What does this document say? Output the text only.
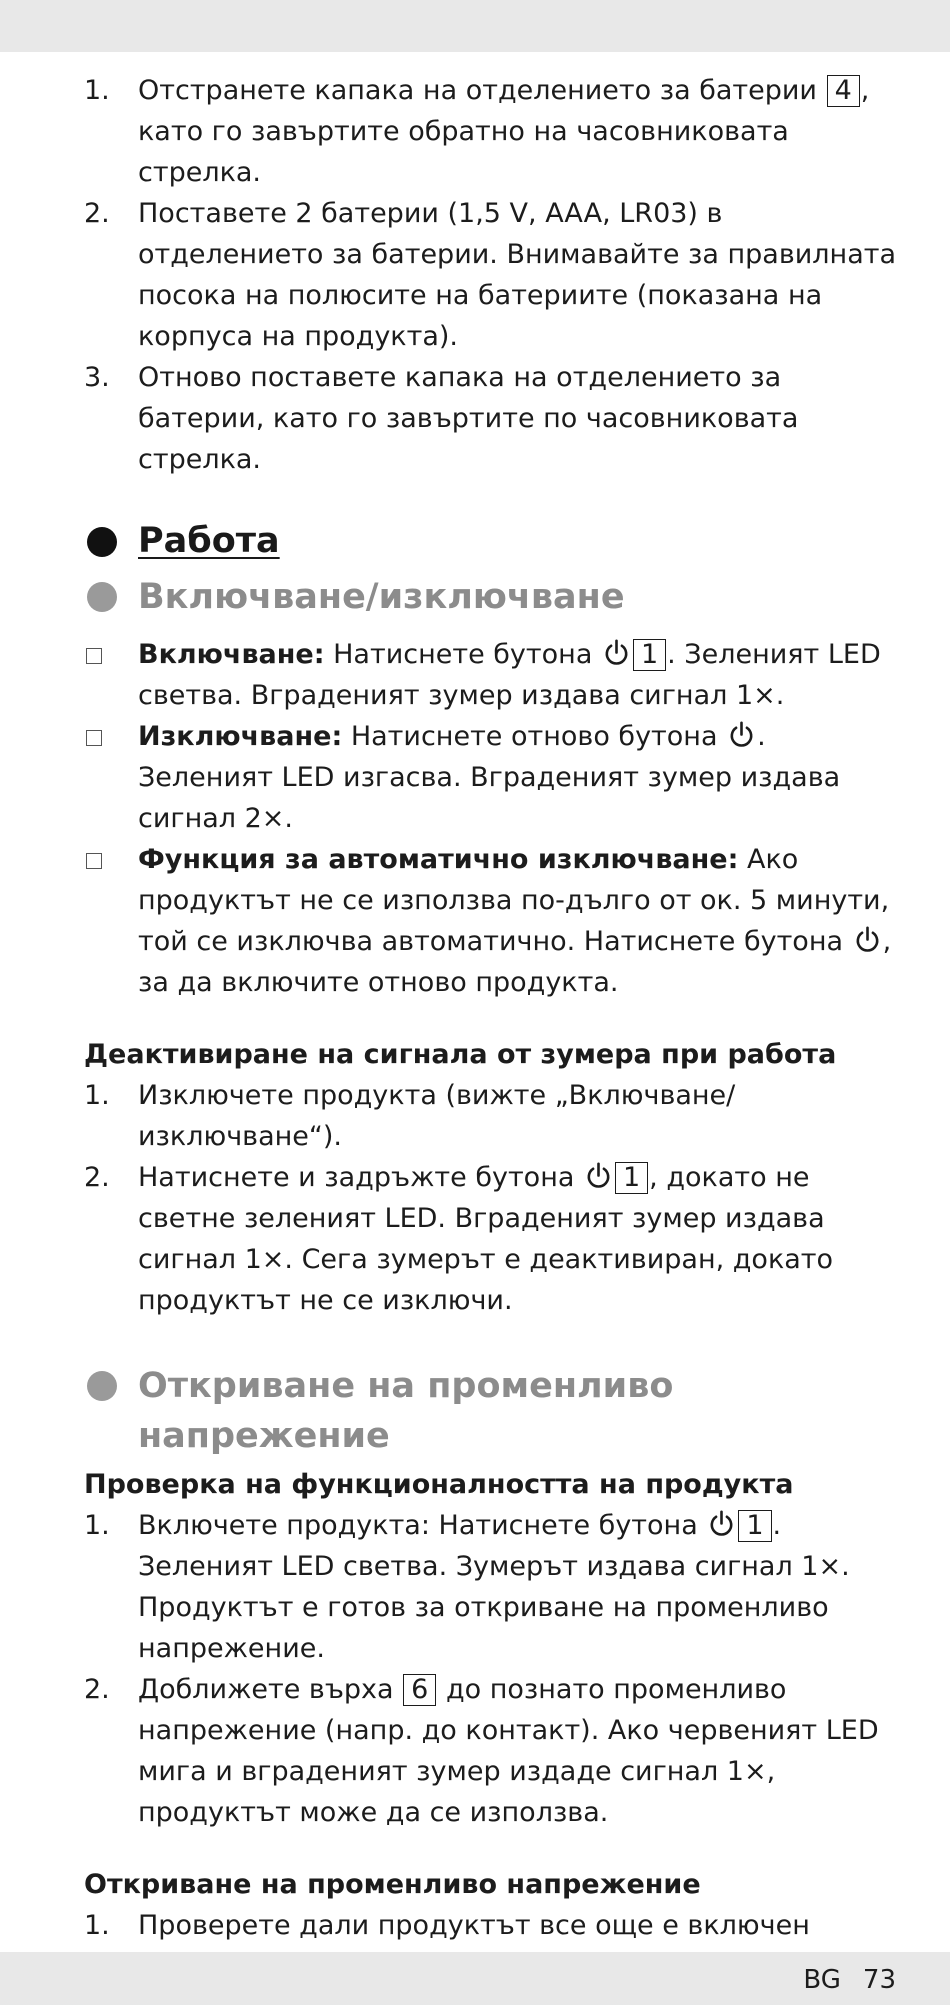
1. Отстранете капака на отделението за батерии 4 , като го завъртите обратно на часовниковата стрелка.
2. Поставете 2 батерии (1,5 V, AAA, LR03) в отделението за батерии. Внимавайте за правилната посока на полюсите на батериите (показана на корпуса на продукта).
3. Отново поставете капака на отделението за батерии, като го завъртите по часовниковата стрелка.
Работа
Включване/изключване
Включване: Натиснете бутона
1 . Зеленият LED светва. Вграденият зумер издава сигнал 1×.
Изключване: Натиснете отново бутона
. Зеленият LED изгасва. Вграденият зумер издава сигнал 2×.
Функция за автоматично изключване: Ако продуктът не се използва по-дълго от ок. 5 минути, той се изключва автоматично. Натиснете бутона
, за да включите отново продукта.
Деактивиране на сигнала от зумера при работа
1. Изключете продукта (вижте „Включване/изключване“).
2. Натиснете и задръжте бутона
1 , докато не светне зеленият LED. Вграденият зумер издава сигнал 1×. Сега зумерът е деактивиран, докато продуктът не се изключи.
Откриване на променливо
напрежение
Проверка на функционалността на продукта
1. Включете продукта: Натиснете бутона
1 . Зеленият LED светва. Зумерът издава сигнал 1×. Продуктът е готов за откриване на променливо напрежение.
2. Доближете върха 6 до познато променливо напрежение (напр. до контакт). Ако червеният LED мига и вграденият зумер издаде сигнал 1×, продуктът може да се използва.
Откриване на променливо напрежение
1. Проверете дали продуктът все още е включен
BG 73
